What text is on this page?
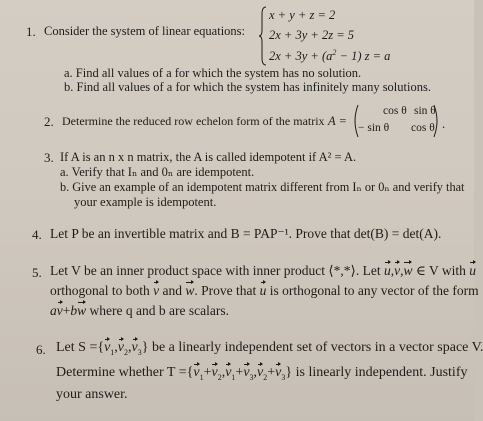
1. Consider the system of linear equations:
x + y + z = 2
2x + 3y + 2z = 5
$2x + 3y + (a^2 - 1) z = a$
a. Find all values of a for which the system has no solution.
b. Find all values of a for which the system has infinitely many solutions.
2. Determine the reduced row echelon form of the matrix A =
cos θ sin θ
− sin θ cos θ .
3. If A is an n x n matrix, the A is called idempotent if A² = A.
a. Verify that Iₙ and 0ₙ are idempotent.
b. Give an example of an idempotent matrix different from Iₙ or 0ₙ and verify that
your example is idempotent.
4. Let P be an invertible matrix and B = PAP⁻¹. Prove that det(B) = det(A).
5. Let V be an inner product space with inner product ⟨*,*⟩. Let u,v,w ∈ V with u
orthogonal to both v and w. Prove that u is orthogonal to any vector of the form
av+bw where q and b are scalars.
6. Let $S =\{v_1,v_2,v_3\}$ be a linearly independent set of vectors in a vector space V.
Determine whether $T =\{v_1+v_2,v_1+v_3,v_2+v_3\}$ is linearly independent. Justify
your answer.
